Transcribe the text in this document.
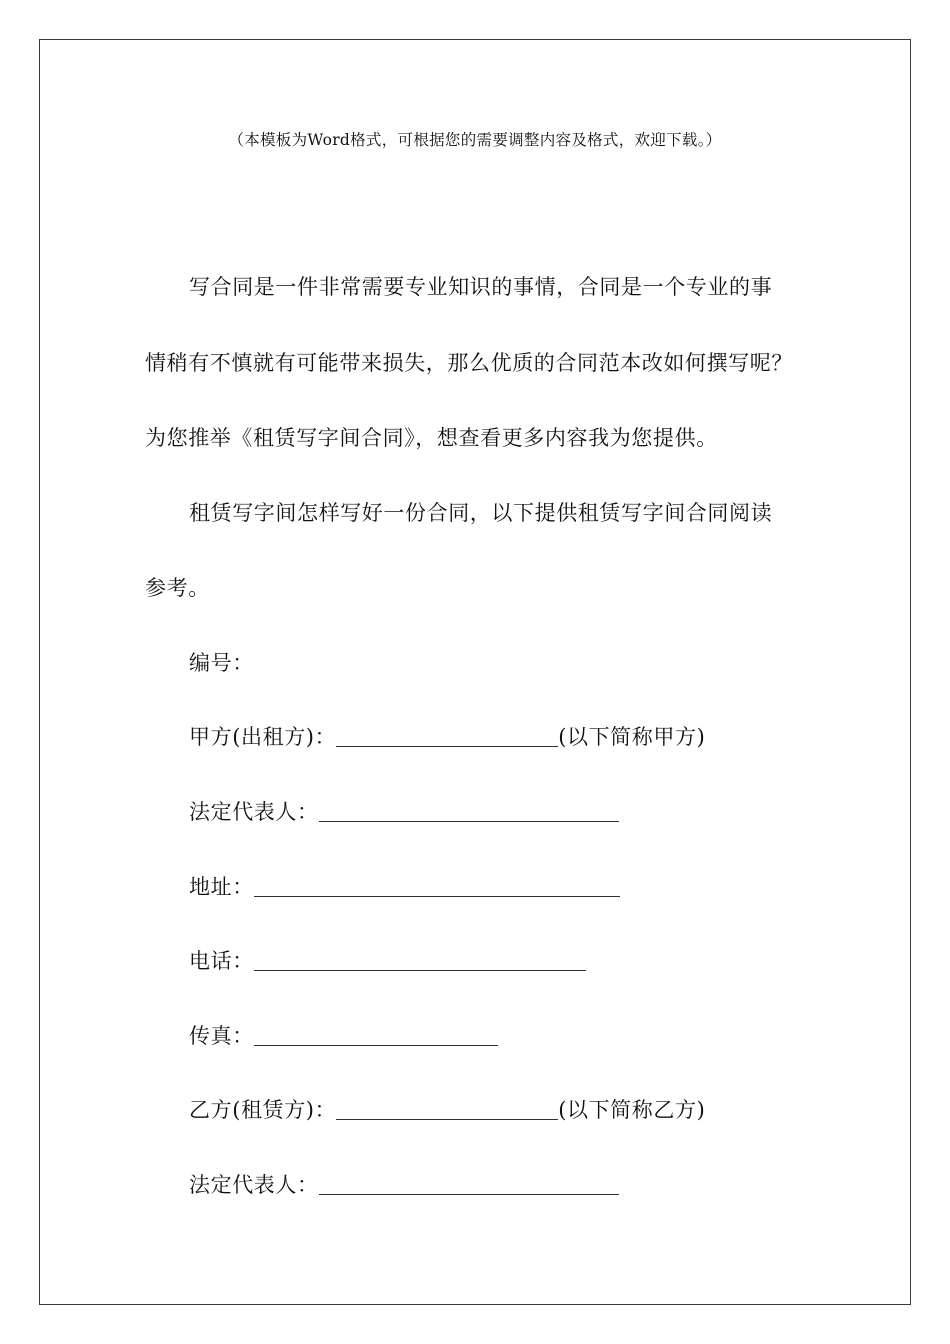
（本模板为Word格式，可根据您的需要调整内容及格式，欢迎下载。）
写合同是一件非常需要专业知识的事情，合同是一个专业的事
情稍有不慎就有可能带来损失，那么优质的合同范本改如何撰写呢？
为您推举《租赁写字间合同》，想查看更多内容我为您提供。
租赁写字间怎样写好一份合同，以下提供租赁写字间合同阅读
参考。
编号：
甲方(出租方)：	(以下简称甲方)
法定代表人：
地址：
电话：
传真：
乙方(租赁方)：	(以下简称乙方)
法定代表人：
